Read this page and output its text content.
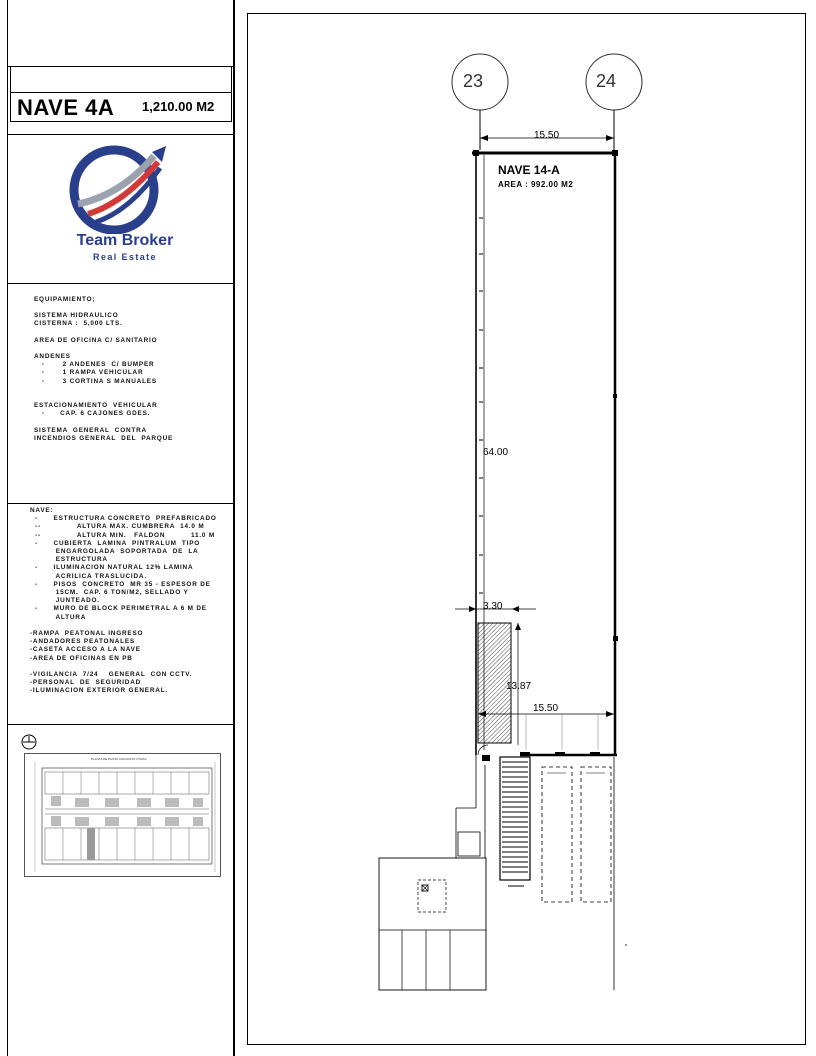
NAVE 4A 1,210.00 M2
Team Broker
Real Estate
EQUIPAMIENTO;
SISTEMA HIDRAULICO
CISTERNA :  5,000 LTS.

AREA DE OFICINA C/ SANITARIO

ANDENES
-       2 ANDENES  C/ BUMPER
-       1 RAMPA VEHICULAR
-       3 CORTINA S MANUALES

ESTACIONAMIENTO  VEHICULAR
-      CAP. 6 CAJONES GDES.

SISTEMA  GENERAL  CONTRA
INCENDIOS GENERAL  DEL  PARQUE
NAVE:
-      ESTRUCTURA CONCRETO  PREFABRICADO
--              ALTURA MAX. CUMBRERA  14.0 M
--              ALTURA MIN.   FALDON          11.0 M
-      CUBIERTA  LAMINA  PINTRALUM  TIPO
ENGARGOLADA  SOPORTADA  DE  LA
ESTRUCTURA
-      ILUMINACION NATURAL 12% LAMINA
ACRILICA TRASLUCIDA.
-      PISOS  CONCRETO  MR 35 - ESPESOR DE
15CM.  CAP. 6 TON/M2, SELLADO Y
JUNTEADO.
-      MURO DE BLOCK PERIMETRAL A 6 M DE
ALTURA

-RAMPA  PEATONAL INGRESO
-ANDADORES PEATONALES
-CASETA ACCESO A LA NAVE
-AREA DE OFICINAS EN PB

-VIGILANCIA  7/24    GENERAL  CON CCTV.
-PERSONAL  DE  SEGURIDAD
-ILUMINACION EXTERIOR GENERAL.
PLANTA DE PUNTA CONJUNTO OTRAS
23	24
15.50
NAVE 14-A
AREA : 992.00 M2
64.00
3.30
13.87
15.50
